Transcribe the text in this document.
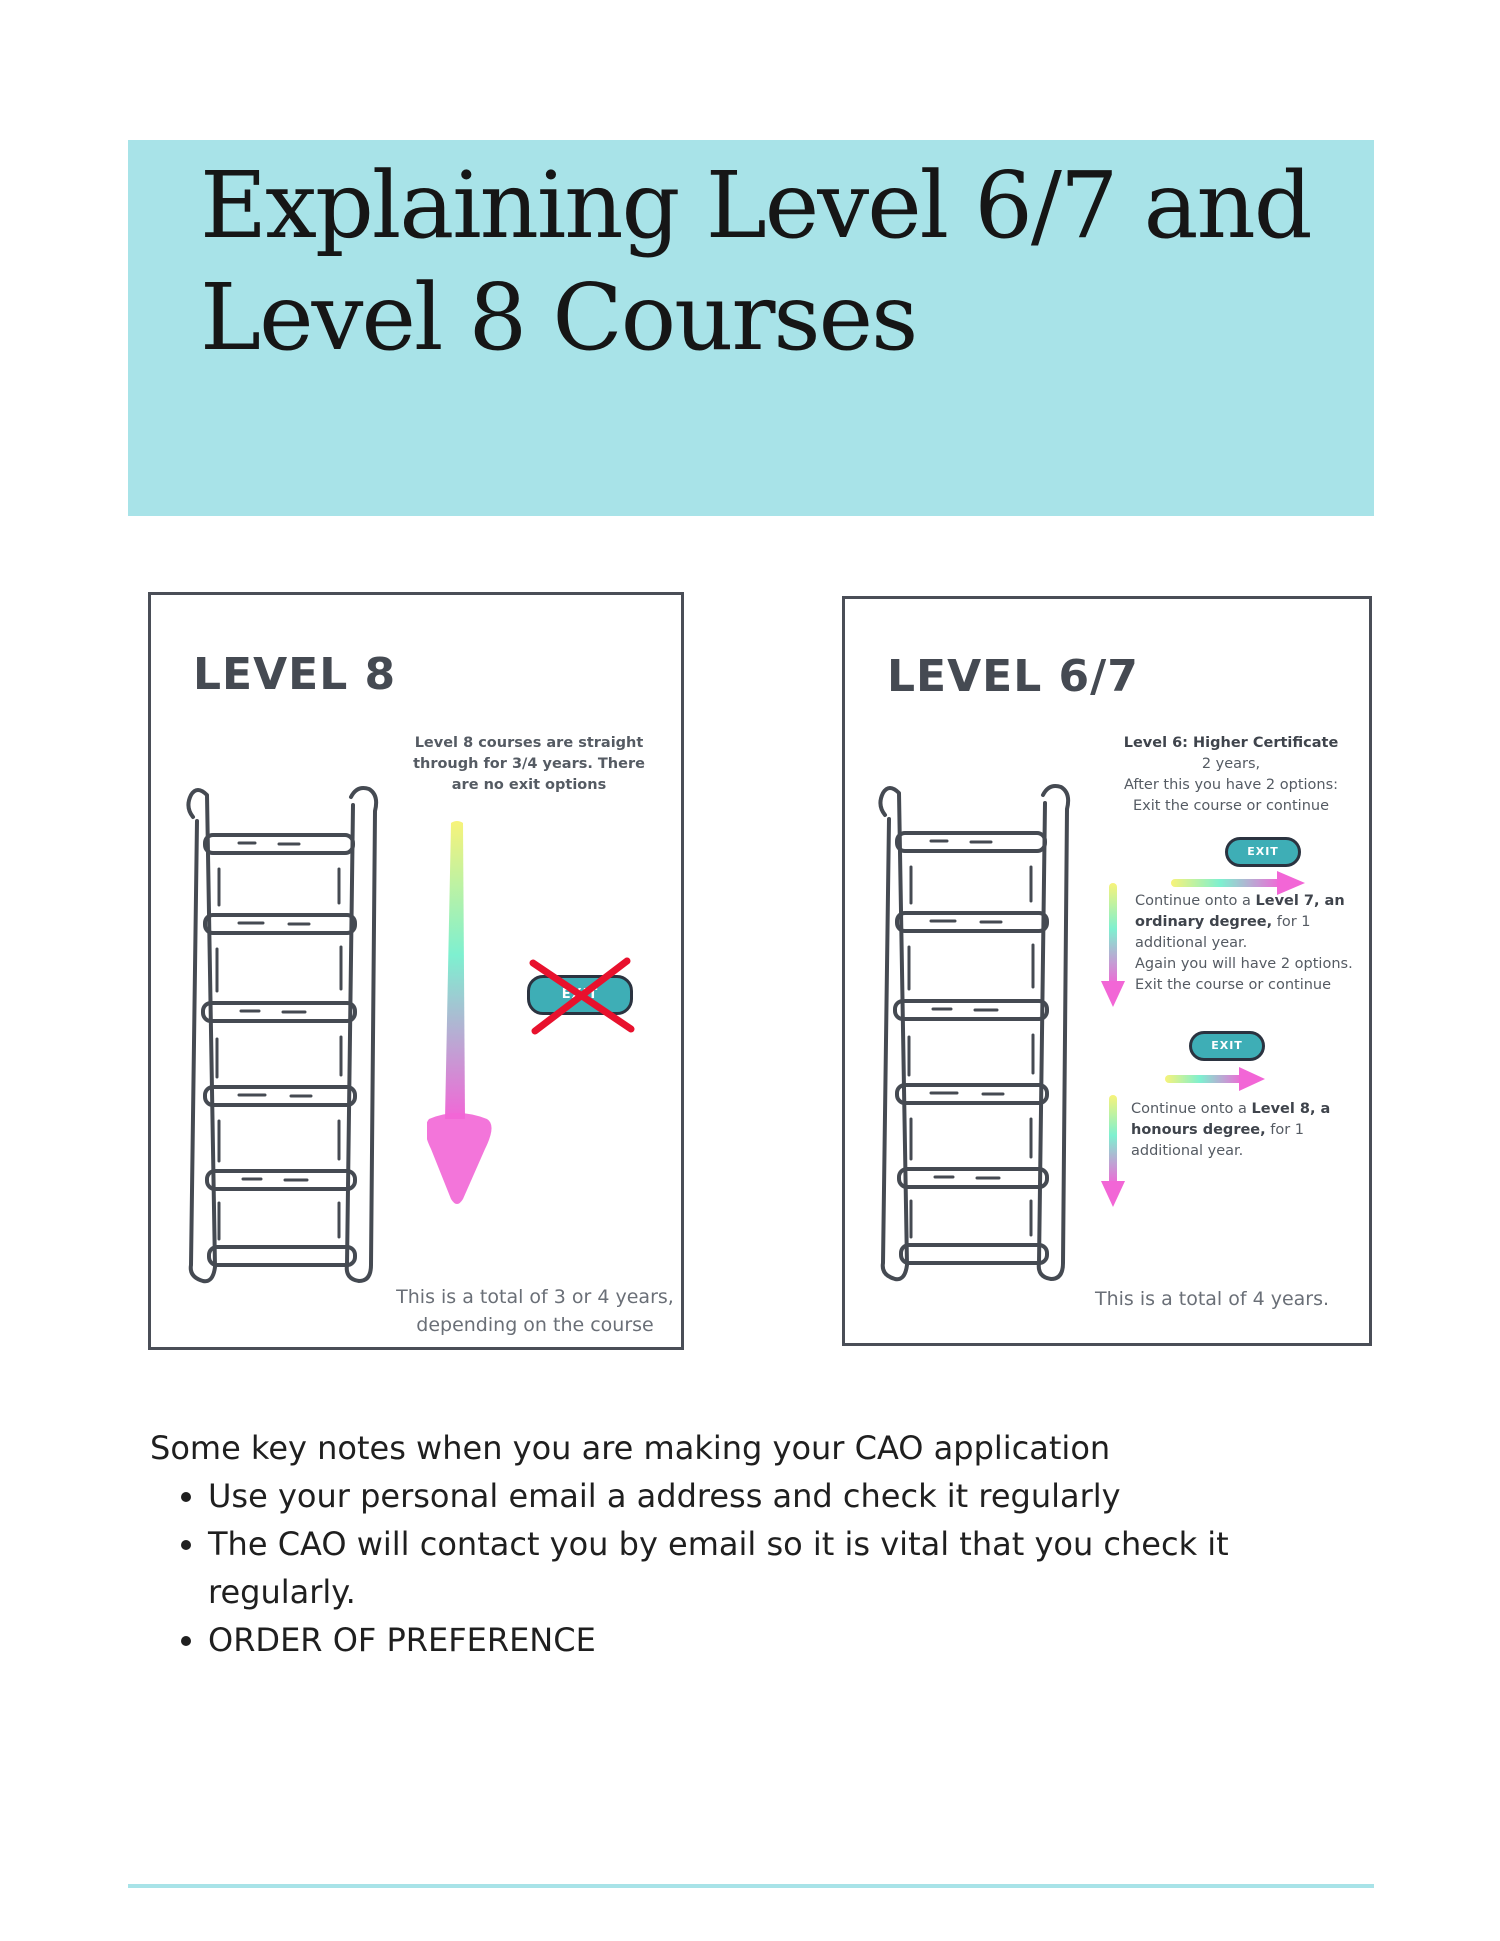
Explaining Level 6/7 and
Level 8 Courses
LEVEL 8
Level 8 courses are straight through for 3/4 years. There are no exit options
EXIT
This is a total of 3 or 4 years, depending on the course
LEVEL 6/7
Level 6: Higher Certificate
2 years,
After this you have 2 options:
Exit the course or continue
EXIT
Continue onto a Level 7, an ordinary degree, for 1 additional year.
Again you will have 2 options.
Exit the course or continue
EXIT
Continue onto a Level 8, a honours degree, for 1 additional year.
This is a total of 4 years.
Some key notes when you are making your CAO application
• Use your personal email a address and check it regularly
• The CAO will contact you by email so it is vital that you check it regularly.
• ORDER OF PREFERENCE
